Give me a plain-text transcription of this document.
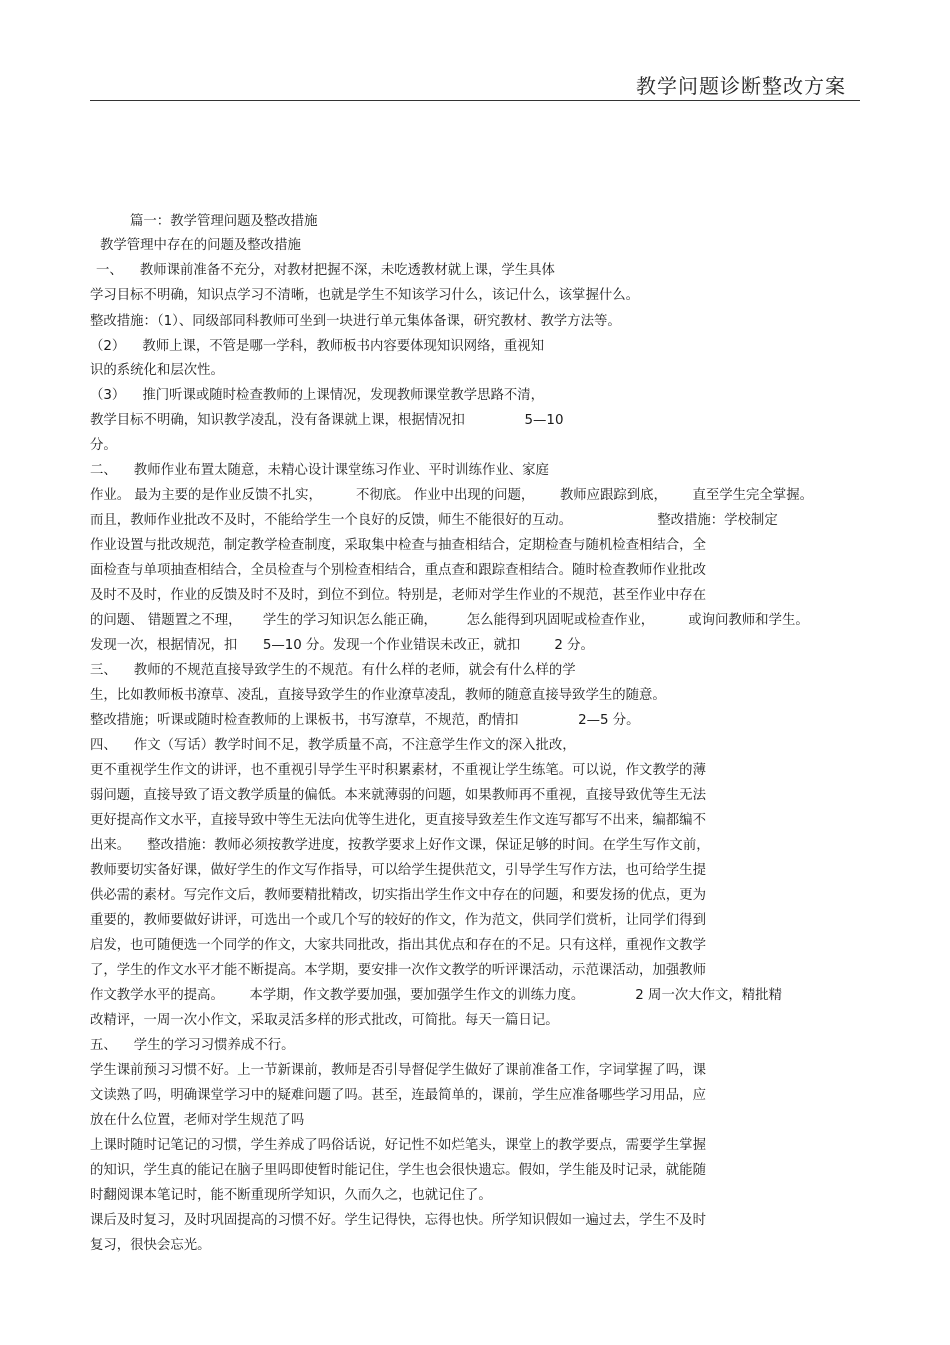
教学问题诊断整改方案
篇一：教学管理问题及整改措施
教学管理中存在的问题及整改措施
一、    教师课前准备不充分，对教材把握不深，未吃透教材就上课，学生具体
学习目标不明确，知识点学习不清晰，也就是学生不知该学习什么，该记什么，该掌握什么。
整改措施：（1）、同级部同科教师可坐到一块进行单元集体备课，研究教材、教学方法等。
（2）    教师上课，不管是哪一学科，教师板书内容要体现知识网络，重视知
识的系统化和层次性。
（3）    推门听课或随时检查教师的上课情况，发现教师课堂教学思路不清，
教学目标不明确，知识教学凌乱，没有备课就上课，根据情况扣              5—10
分。
二、    教师作业布置太随意，未精心设计课堂练习作业、平时训练作业、家庭
作业。 最为主要的是作业反馈不扎实，        不彻底。 作业中出现的问题，      教师应跟踪到底，      直至学生完全掌握。
而且，教师作业批改不及时，不能给学生一个良好的反馈，师生不能很好的互动。                    整改措施：学校制定
作业设置与批改规范，制定教学检查制度，采取集中检查与抽查相结合，定期检查与随机检查相结合，全
面检查与单项抽查相结合，全员检查与个别检查相结合，重点查和跟踪查相结合。随时检查教师作业批改
及时不及时，作业的反馈及时不及时，到位不到位。特别是，老师对学生作业的不规范，甚至作业中存在
的问题、 错题置之不理，     学生的学习知识怎么能正确，       怎么能得到巩固呢或检查作业，        或询问教师和学生。
发现一次，根据情况，扣      5—10 分。发现一个作业错误未改正，就扣        2 分。
三、    教师的不规范直接导致学生的不规范。有什么样的老师，就会有什么样的学
生，比如教师板书潦草、凌乱，直接导致学生的作业潦草凌乱，教师的随意直接导致学生的随意。
整改措施；听课或随时检查教师的上课板书，书写潦草，不规范，酌情扣              2—5 分。
四、    作文（写话）教学时间不足，教学质量不高，不注意学生作文的深入批改，
更不重视学生作文的讲评，也不重视引导学生平时积累素材，不重视让学生练笔。可以说，作文教学的薄
弱问题，直接导致了语文教学质量的偏低。本来就薄弱的问题，如果教师再不重视，直接导致优等生无法
更好提高作文水平，直接导致中等生无法向优等生进化，更直接导致差生作文连写都写不出来，编都编不
出来。    整改措施：教师必须按教学进度，按教学要求上好作文课，保证足够的时间。在学生写作文前，
教师要切实备好课，做好学生的作文写作指导，可以给学生提供范文，引导学生写作方法，也可给学生提
供必需的素材。写完作文后，教师要精批精改，切实指出学生作文中存在的问题，和要发扬的优点，更为
重要的，教师要做好讲评，可选出一个或几个写的较好的作文，作为范文，供同学们赏析，让同学们得到
启发，也可随便选一个同学的作文，大家共同批改，指出其优点和存在的不足。只有这样，重视作文教学
了，学生的作文水平才能不断提高。本学期，要安排一次作文教学的听评课活动，示范课活动，加强教师
作文教学水平的提高。      本学期，作文教学要加强，要加强学生作文的训练力度。            2 周一次大作文，精批精
改精评，一周一次小作文，采取灵活多样的形式批改，可简批。每天一篇日记。
五、    学生的学习习惯养成不行。
学生课前预习习惯不好。上一节新课前，教师是否引导督促学生做好了课前准备工作，字词掌握了吗，课
文读熟了吗，明确课堂学习中的疑难问题了吗。甚至，连最简单的，课前，学生应准备哪些学习用品，应
放在什么位置，老师对学生规范了吗
上课时随时记笔记的习惯，学生养成了吗俗话说，好记性不如烂笔头，课堂上的教学要点，需要学生掌握
的知识，学生真的能记在脑子里吗即使暂时能记住，学生也会很快遗忘。假如，学生能及时记录，就能随
时翻阅课本笔记时，能不断重现所学知识，久而久之，也就记住了。
课后及时复习，及时巩固提高的习惯不好。学生记得快，忘得也快。所学知识假如一遍过去，学生不及时
复习，很快会忘光。
